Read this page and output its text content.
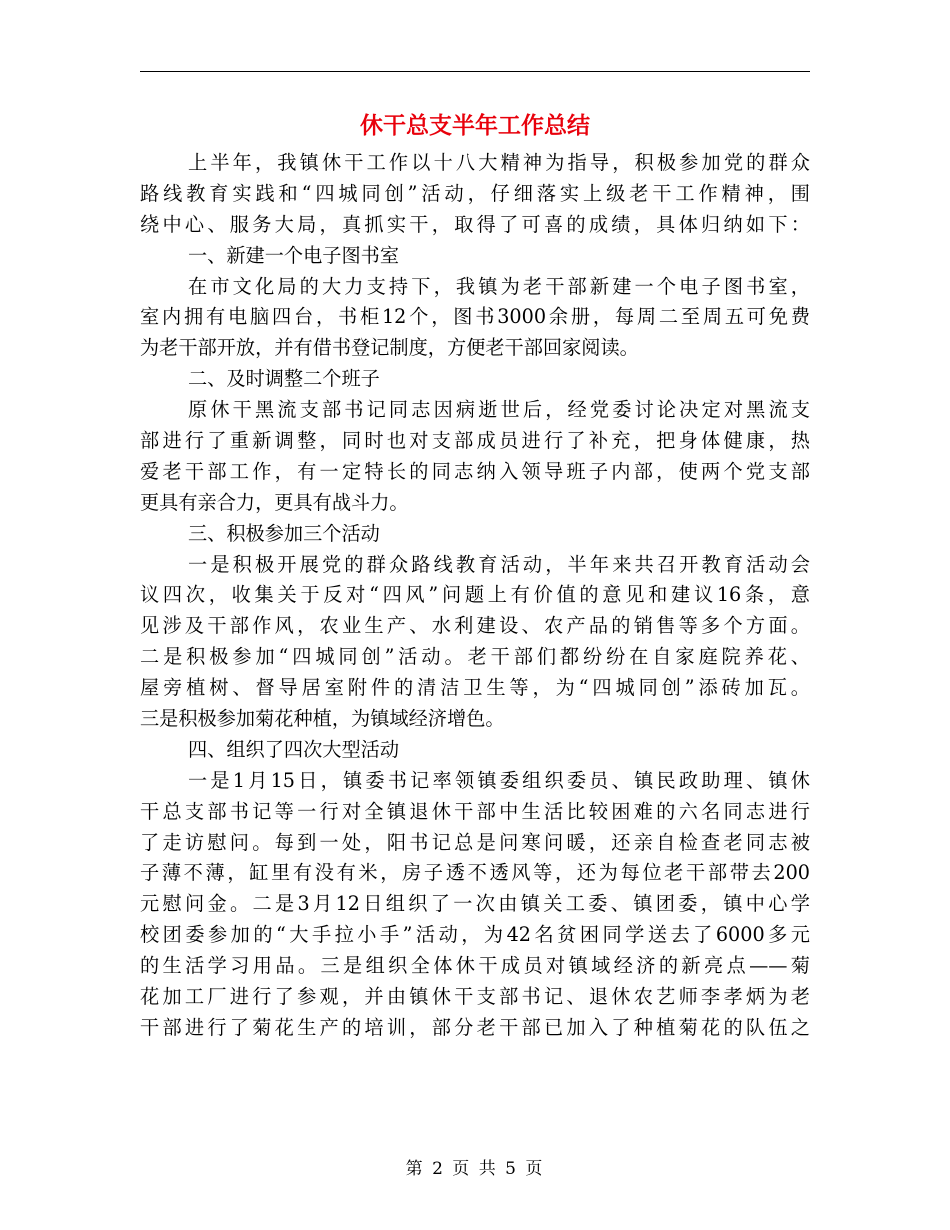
休干总支半年工作总结
上半年，我镇休干工作以十八大精神为指导，积极参加党的群众
路线教育实践和“四城同创”活动，仔细落实上级老干工作精神，围
绕中心、服务大局，真抓实干，取得了可喜的成绩，具体归纳如下：
一、新建一个电子图书室
在市文化局的大力支持下，我镇为老干部新建一个电子图书室，
室内拥有电脑四台，书柜12个，图书3000余册，每周二至周五可免费
为老干部开放，并有借书登记制度，方便老干部回家阅读。
二、及时调整二个班子
原休干黑流支部书记同志因病逝世后，经党委讨论决定对黑流支
部进行了重新调整，同时也对支部成员进行了补充，把身体健康，热
爱老干部工作，有一定特长的同志纳入领导班子内部，使两个党支部
更具有亲合力，更具有战斗力。
三、积极参加三个活动
一是积极开展党的群众路线教育活动，半年来共召开教育活动会
议四次，收集关于反对“四风”问题上有价值的意见和建议16条，意
见涉及干部作风，农业生产、水利建设、农产品的销售等多个方面。
二是积极参加“四城同创”活动。老干部们都纷纷在自家庭院养花、
屋旁植树、督导居室附件的清洁卫生等，为“四城同创”添砖加瓦。
三是积极参加菊花种植，为镇域经济增色。
四、组织了四次大型活动
一是1月15日，镇委书记率领镇委组织委员、镇民政助理、镇休
干总支部书记等一行对全镇退休干部中生活比较困难的六名同志进行
了走访慰问。每到一处，阳书记总是问寒问暖，还亲自检查老同志被
子薄不薄，缸里有没有米，房子透不透风等，还为每位老干部带去200
元慰问金。二是3月12日组织了一次由镇关工委、镇团委，镇中心学
校团委参加的“大手拉小手”活动，为42名贫困同学送去了6000多元
的生活学习用品。三是组织全体休干成员对镇域经济的新亮点——菊
花加工厂进行了参观，并由镇休干支部书记、退休农艺师李孝炳为老
干部进行了菊花生产的培训，部分老干部已加入了种植菊花的队伍之
第 2 页 共 5 页
